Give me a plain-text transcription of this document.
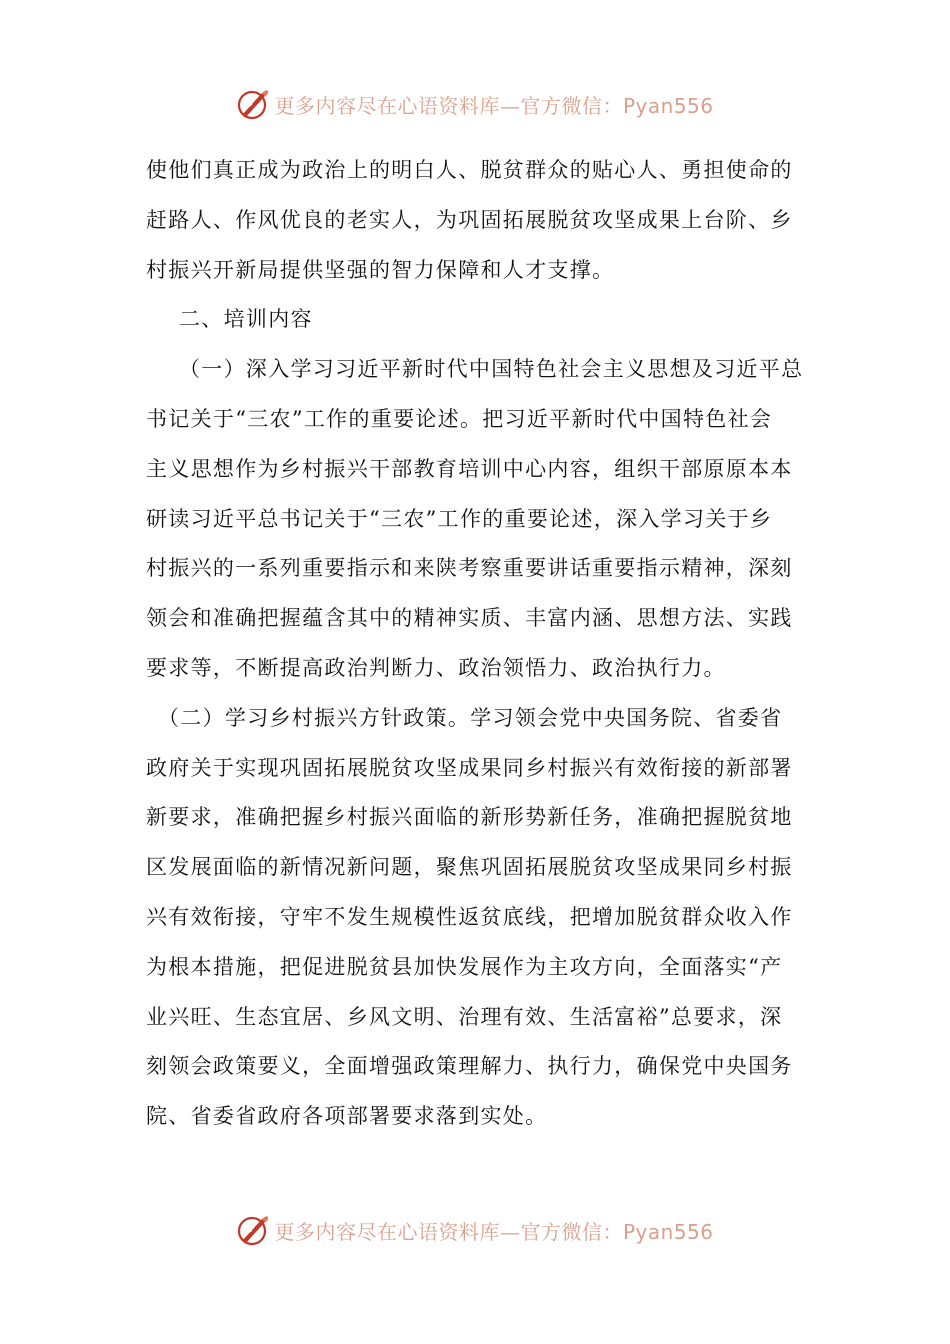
更多内容尽在心语资料库—官方微信：Pyan556

使他们真正成为政治上的明白人、脱贫群众的贴心人、勇担使命的
赶路人、作风优良的老实人，为巩固拓展脱贫攻坚成果上台阶、乡
村振兴开新局提供坚强的智力保障和人才支撑。

二、培训内容

（一）深入学习习近平新时代中国特色社会主义思想及习近平总
书记关于“三农”工作的重要论述。把习近平新时代中国特色社会
主义思想作为乡村振兴干部教育培训中心内容，组织干部原原本本
研读习近平总书记关于“三农”工作的重要论述，深入学习关于乡
村振兴的一系列重要指示和来陕考察重要讲话重要指示精神，深刻
领会和准确把握蕴含其中的精神实质、丰富内涵、思想方法、实践
要求等，不断提高政治判断力、政治领悟力、政治执行力。

（二）学习乡村振兴方针政策。学习领会党中央国务院、省委省
政府关于实现巩固拓展脱贫攻坚成果同乡村振兴有效衔接的新部署
新要求，准确把握乡村振兴面临的新形势新任务，准确把握脱贫地
区发展面临的新情况新问题，聚焦巩固拓展脱贫攻坚成果同乡村振
兴有效衔接，守牢不发生规模性返贫底线，把增加脱贫群众收入作
为根本措施，把促进脱贫县加快发展作为主攻方向，全面落实“产
业兴旺、生态宜居、乡风文明、治理有效、生活富裕”总要求，深
刻领会政策要义，全面增强政策理解力、执行力，确保党中央国务
院、省委省政府各项部署要求落到实处。

更多内容尽在心语资料库—官方微信：Pyan556
